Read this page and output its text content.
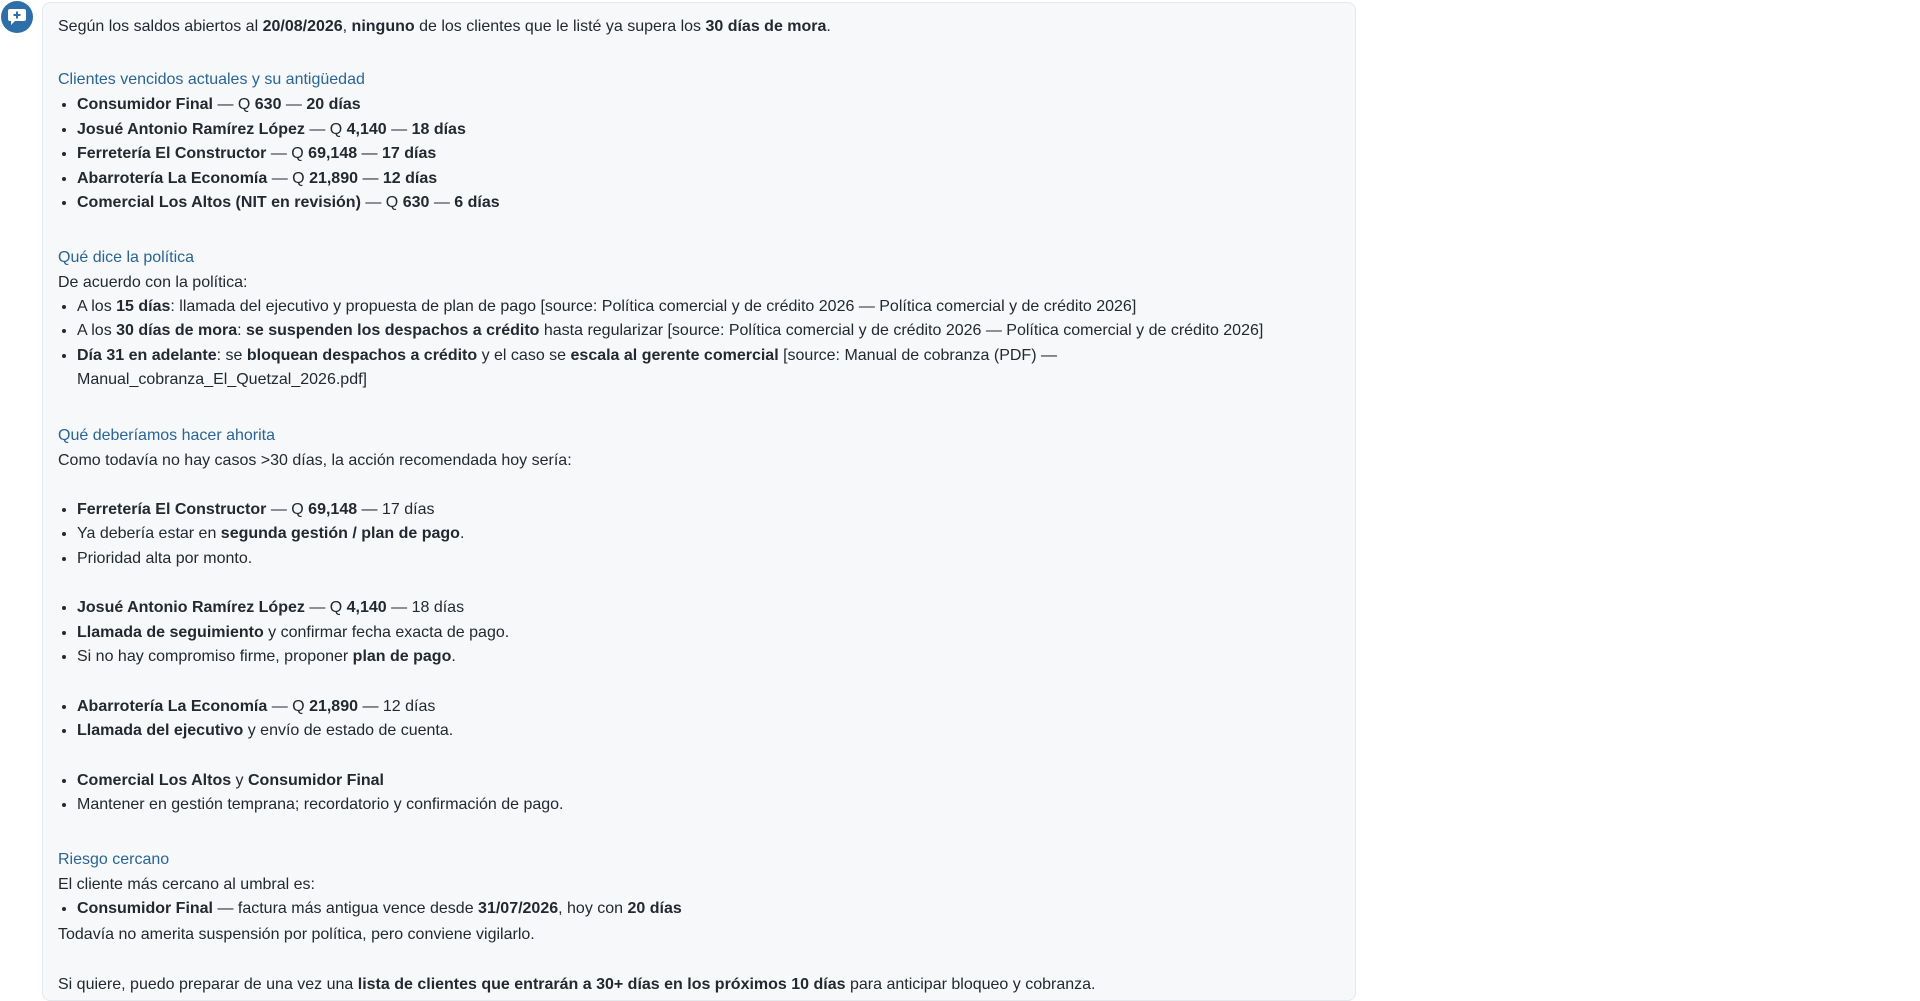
Según los saldos abiertos al 20/08/2026, ninguno de los clientes que le listé ya supera los 30 días de mora.

Clientes vencidos actuales y su antigüedad
• Consumidor Final — Q 630 — 20 días
• Josué Antonio Ramírez López — Q 4,140 — 18 días
• Ferretería El Constructor — Q 69,148 — 17 días
• Abarrotería La Economía — Q 21,890 — 12 días
• Comercial Los Altos (NIT en revisión) — Q 630 — 6 días
Qué dice la política

De acuerdo con la política:

• A los 15 días: llamada del ejecutivo y propuesta de plan de pago [source: Política comercial y de crédito 2026 — Política comercial y de crédito 2026]
• A los 30 días de mora: se suspenden los despachos a crédito hasta regularizar [source: Política comercial y de crédito 2026 — Política comercial y de crédito 2026]
• Día 31 en adelante: se bloquean despachos a crédito y el caso se escala al gerente comercial [source: Manual de cobranza (PDF) — Manual_cobranza_El_Quetzal_2026.pdf]
Qué deberíamos hacer ahorita

Como todavía no hay casos >30 días, la acción recomendada hoy sería:

• Ferretería El Constructor — Q 69,148 — 17 días
• Ya debería estar en segunda gestión / plan de pago.
• Prioridad alta por monto.
• Josué Antonio Ramírez López — Q 4,140 — 18 días
• Llamada de seguimiento y confirmar fecha exacta de pago.
• Si no hay compromiso firme, proponer plan de pago.
• Abarrotería La Economía — Q 21,890 — 12 días
• Llamada del ejecutivo y envío de estado de cuenta.
• Comercial Los Altos y Consumidor Final
• Mantener en gestión temprana; recordatorio y confirmación de pago.
Riesgo cercano

El cliente más cercano al umbral es:

• Consumidor Final — factura más antigua vence desde 31/07/2026, hoy con 20 días

Todavía no amerita suspensión por política, pero conviene vigilarlo.

Si quiere, puedo preparar de una vez una lista de clientes que entrarán a 30+ días en los próximos 10 días para anticipar bloqueo y cobranza.
